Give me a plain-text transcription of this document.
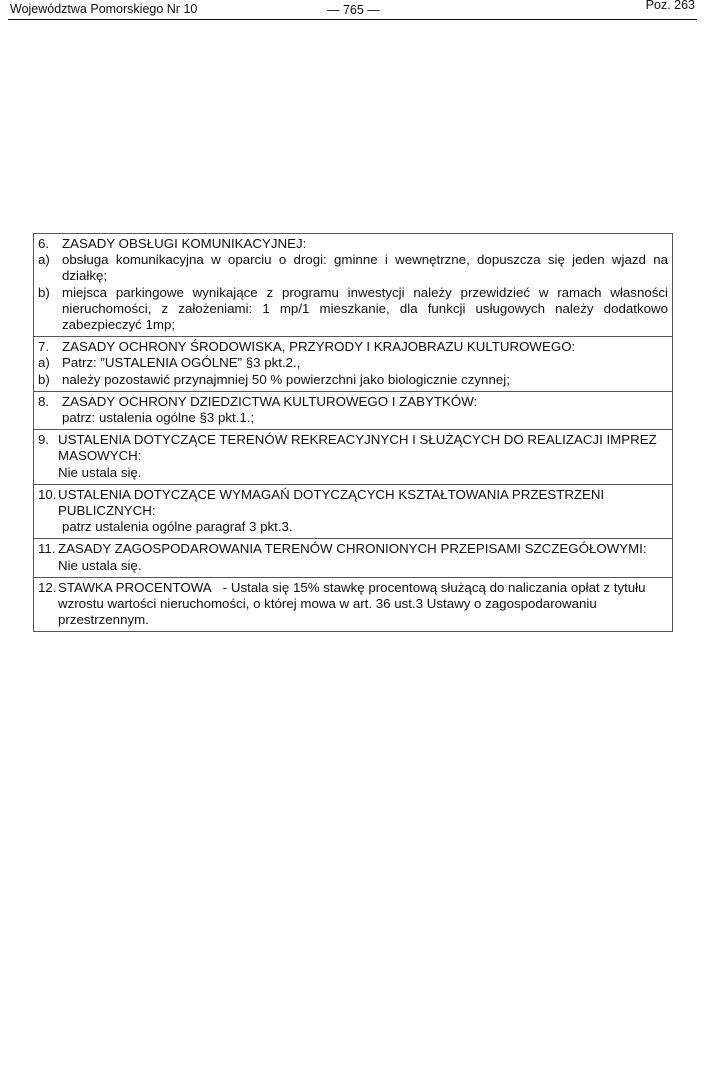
Województwa Pomorskiego Nr 10	— 765 —	Poz. 263

6. ZASADY OBSŁUGI KOMUNIKACYJNEJ:

a) obsługa komunikacyjna w oparciu o drogi: gminne i wewnętrzne, dopuszcza się jeden wjazd na działkę;

b) miejsca parkingowe wynikające z programu inwestycji należy przewidzieć w ramach własności nieruchomości, z założeniami: 1 mp/1 mieszkanie, dla funkcji usługowych należy dodatkowo zabezpieczyć 1mp;

7. ZASADY OCHRONY ŚRODOWISKA, PRZYRODY I KRAJOBRAZU KULTUROWEGO:

a) Patrz: ”USTALENIA OGÓLNE” §3 pkt.2.,

b) należy pozostawić przynajmniej 50 % powierzchni jako biologicznie czynnej;

8. ZASADY OCHRONY DZIEDZICTWA KULTUROWEGO I ZABYTKÓW:

patrz: ustalenia ogólne §3 pkt.1.;

9. USTALENIA DOTYCZĄCE TERENÓW REKREACYJNYCH I SŁUŻĄCYCH DO REALIZACJI IMPREZ MASOWYCH:

Nie ustala się.

10. USTALENIA DOTYCZĄCE WYMAGAŃ DOTYCZĄCYCH KSZTAŁTOWANIA PRZESTRZENI PUBLICZNYCH:

patrz ustalenia ogólne paragraf 3 pkt.3.

11. ZASADY ZAGOSPODAROWANIA TERENÓW CHRONIONYCH PRZEPISAMI SZCZEGÓŁOWYMI:

Nie ustala się.

12. STAWKA PROCENTOWA - Ustala się 15% stawkę procentową służącą do naliczania opłat z tytułu wzrostu wartości nieruchomości, o której mowa w art. 36 ust.3 Ustawy o zagospodarowaniu przestrzennym.
